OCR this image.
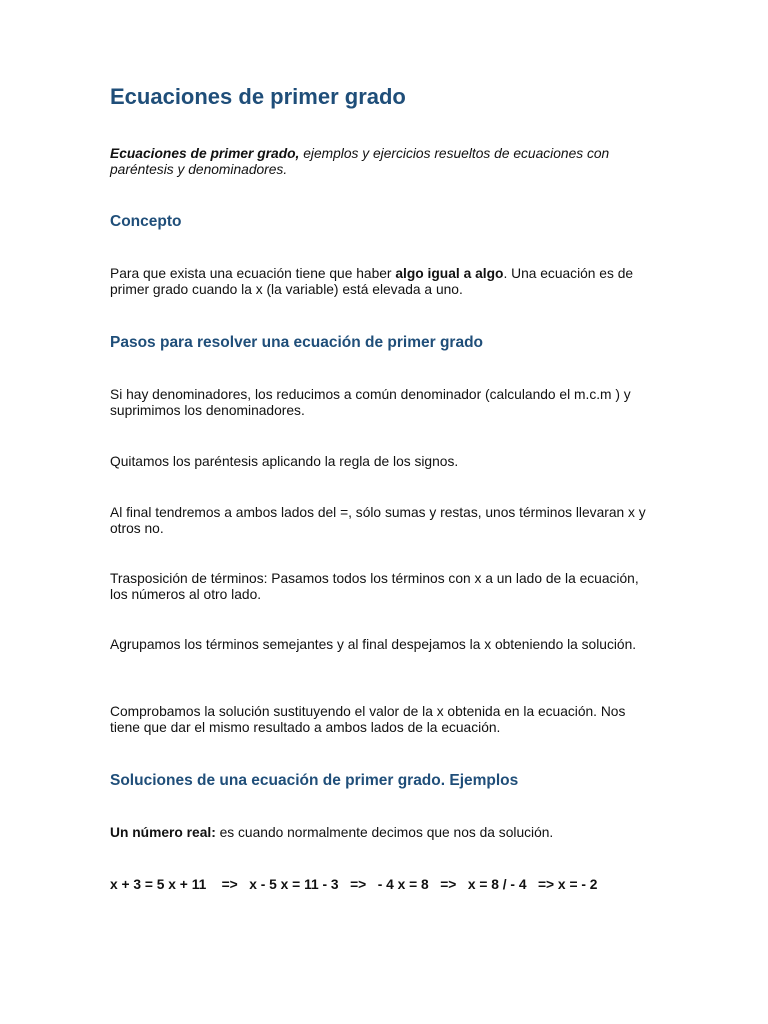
Ecuaciones de primer grado

Ecuaciones de primer grado, ejemplos y ejercicios resueltos de ecuaciones con paréntesis y denominadores.

Concepto

Para que exista una ecuación tiene que haber algo igual a algo. Una ecuación es de primer grado cuando la x (la variable) está elevada a uno.

Pasos para resolver una ecuación de primer grado

Si hay denominadores, los reducimos a común denominador (calculando el m.c.m ) y suprimimos los denominadores.

Quitamos los paréntesis aplicando la regla de los signos.

Al final tendremos a ambos lados del =, sólo sumas y restas, unos términos llevaran x y otros no.

Trasposición de términos: Pasamos todos los términos con x a un lado de la ecuación, los números al otro lado.

Agrupamos los términos semejantes y al final despejamos la x obteniendo la solución.

Comprobamos la solución sustituyendo el valor de la x obtenida en la ecuación. Nos tiene que dar el mismo resultado a ambos lados de la ecuación.

Soluciones de una ecuación de primer grado. Ejemplos

Un número real: es cuando normalmente decimos que nos da solución.

x + 3 = 5 x + 11    =>   x - 5 x = 11 - 3   =>   - 4 x = 8   =>   x = 8 / - 4   => x = - 2
